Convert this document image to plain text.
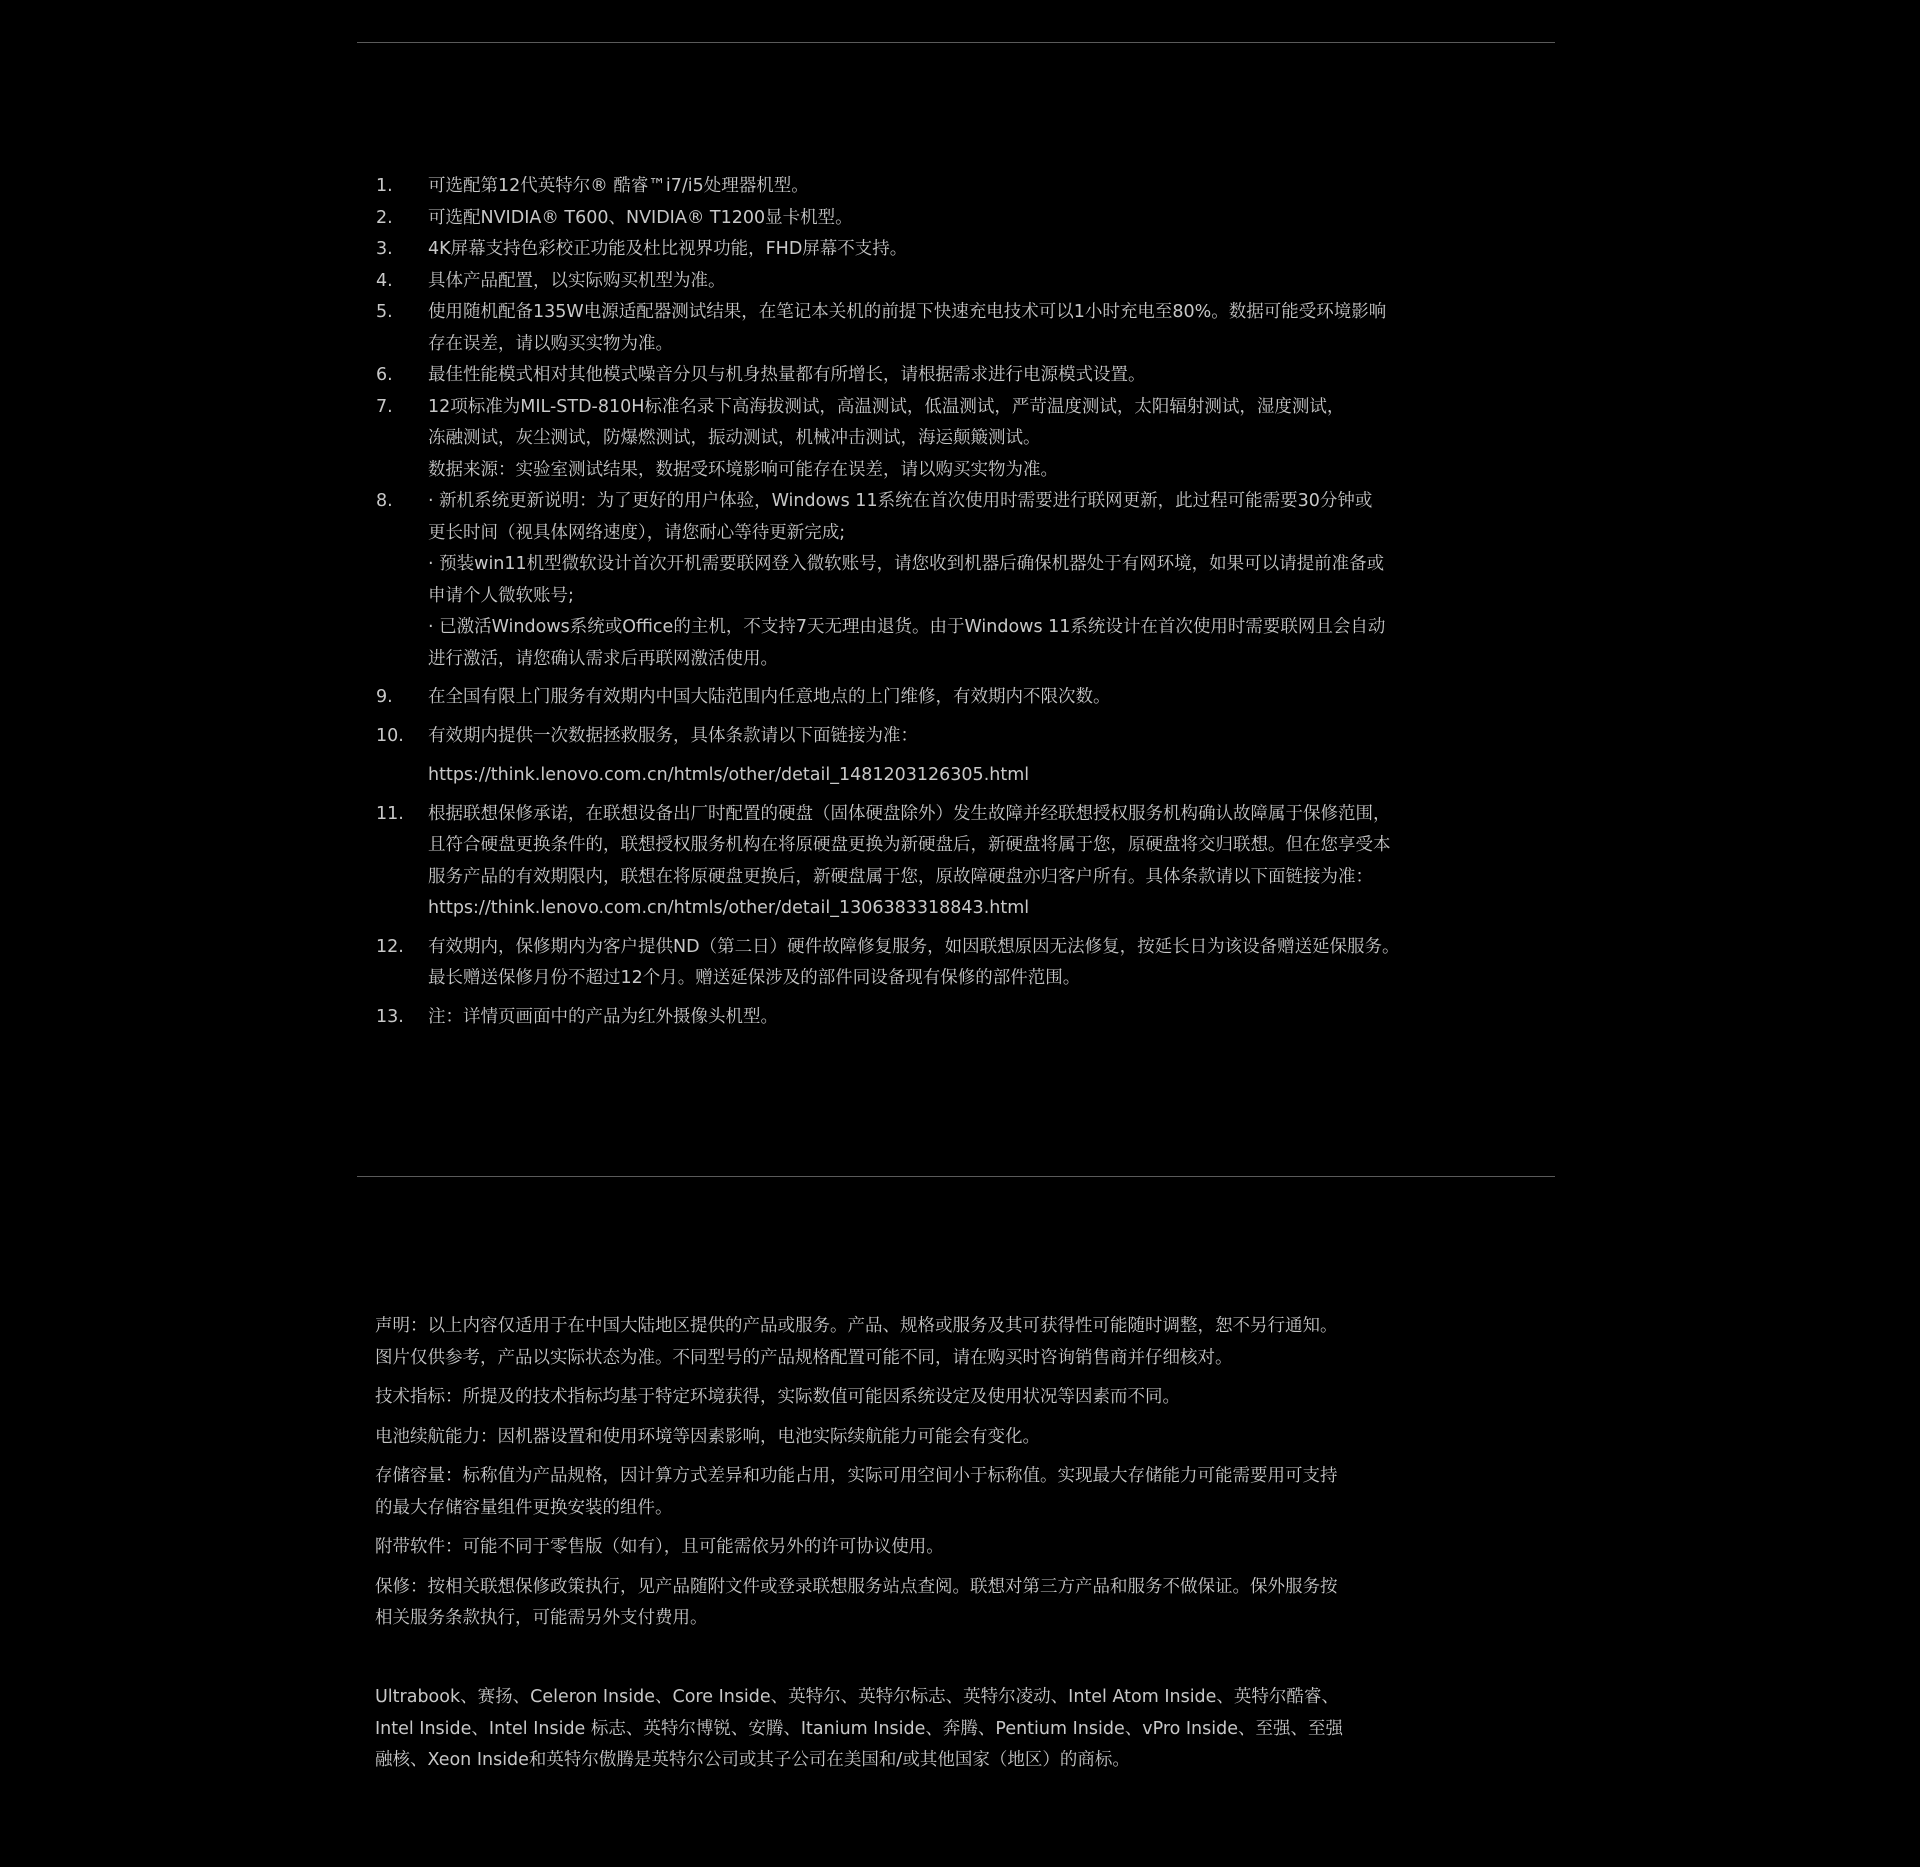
1.	可选配第12代英特尔® 酷睿™i7/i5处理器机型。
2.	可选配NVIDIA® T600、NVIDIA® T1200显卡机型。
3.	4K屏幕支持色彩校正功能及杜比视界功能，FHD屏幕不支持。
4.	具体产品配置，以实际购买机型为准。
5.	使用随机配备135W电源适配器测试结果，在笔记本关机的前提下快速充电技术可以1小时充电至80%。数据可能受环境影响
存在误差，请以购买实物为准。
6.	最佳性能模式相对其他模式噪音分贝与机身热量都有所增长，请根据需求进行电源模式设置。
7.	12项标准为MIL-STD-810H标准名录下高海拔测试，高温测试，低温测试，严苛温度测试，太阳辐射测试，湿度测试，
冻融测试，灰尘测试，防爆燃测试，振动测试，机械冲击测试，海运颠簸测试。
数据来源：实验室测试结果，数据受环境影响可能存在误差，请以购买实物为准。
8.	· 新机系统更新说明：为了更好的用户体验，Windows 11系统在首次使用时需要进行联网更新，此过程可能需要30分钟或
更长时间（视具体网络速度），请您耐心等待更新完成;
· 预装win11机型微软设计首次开机需要联网登入微软账号，请您收到机器后确保机器处于有网环境，如果可以请提前准备或
申请个人微软账号;
· 已激活Windows系统或Office的主机，不支持7天无理由退货。由于Windows 11系统设计在首次使用时需要联网且会自动
进行激活，请您确认需求后再联网激活使用。
9.	在全国有限上门服务有效期内中国大陆范围内任意地点的上门维修，有效期内不限次数。
10.	有效期内提供一次数据拯救服务，具体条款请以下面链接为准：
https://think.lenovo.com.cn/htmls/other/detail_1481203126305.html
11.	根据联想保修承诺，在联想设备出厂时配置的硬盘（固体硬盘除外）发生故障并经联想授权服务机构确认故障属于保修范围，
且符合硬盘更换条件的，联想授权服务机构在将原硬盘更换为新硬盘后，新硬盘将属于您，原硬盘将交归联想。但在您享受本
服务产品的有效期限内，联想在将原硬盘更换后，新硬盘属于您，原故障硬盘亦归客户所有。具体条款请以下面链接为准：
https://think.lenovo.com.cn/htmls/other/detail_1306383318843.html
12.	有效期内，保修期内为客户提供ND（第二日）硬件故障修复服务，如因联想原因无法修复，按延长日为该设备赠送延保服务。
最长赠送保修月份不超过12个月。赠送延保涉及的部件同设备现有保修的部件范围。
13.	注：详情页画面中的产品为红外摄像头机型。
声明：以上内容仅适用于在中国大陆地区提供的产品或服务。产品、规格或服务及其可获得性可能随时调整，恕不另行通知。
图片仅供参考，产品以实际状态为准。不同型号的产品规格配置可能不同，请在购买时咨询销售商并仔细核对。
技术指标：所提及的技术指标均基于特定环境获得，实际数值可能因系统设定及使用状况等因素而不同。
电池续航能力：因机器设置和使用环境等因素影响，电池实际续航能力可能会有变化。
存储容量：标称值为产品规格，因计算方式差异和功能占用，实际可用空间小于标称值。实现最大存储能力可能需要用可支持
的最大存储容量组件更换安装的组件。
附带软件：可能不同于零售版（如有），且可能需依另外的许可协议使用。
保修：按相关联想保修政策执行，见产品随附文件或登录联想服务站点查阅。联想对第三方产品和服务不做保证。保外服务按
相关服务条款执行，可能需另外支付费用。
Ultrabook、赛扬、Celeron Inside、Core Inside、英特尔、英特尔标志、英特尔凌动、Intel Atom Inside、英特尔酷睿、
Intel Inside、Intel Inside 标志、英特尔博锐、安腾、Itanium Inside、奔腾、Pentium Inside、vPro Inside、至强、至强
融核、Xeon Inside和英特尔傲腾是英特尔公司或其子公司在美国和/或其他国家（地区）的商标。
